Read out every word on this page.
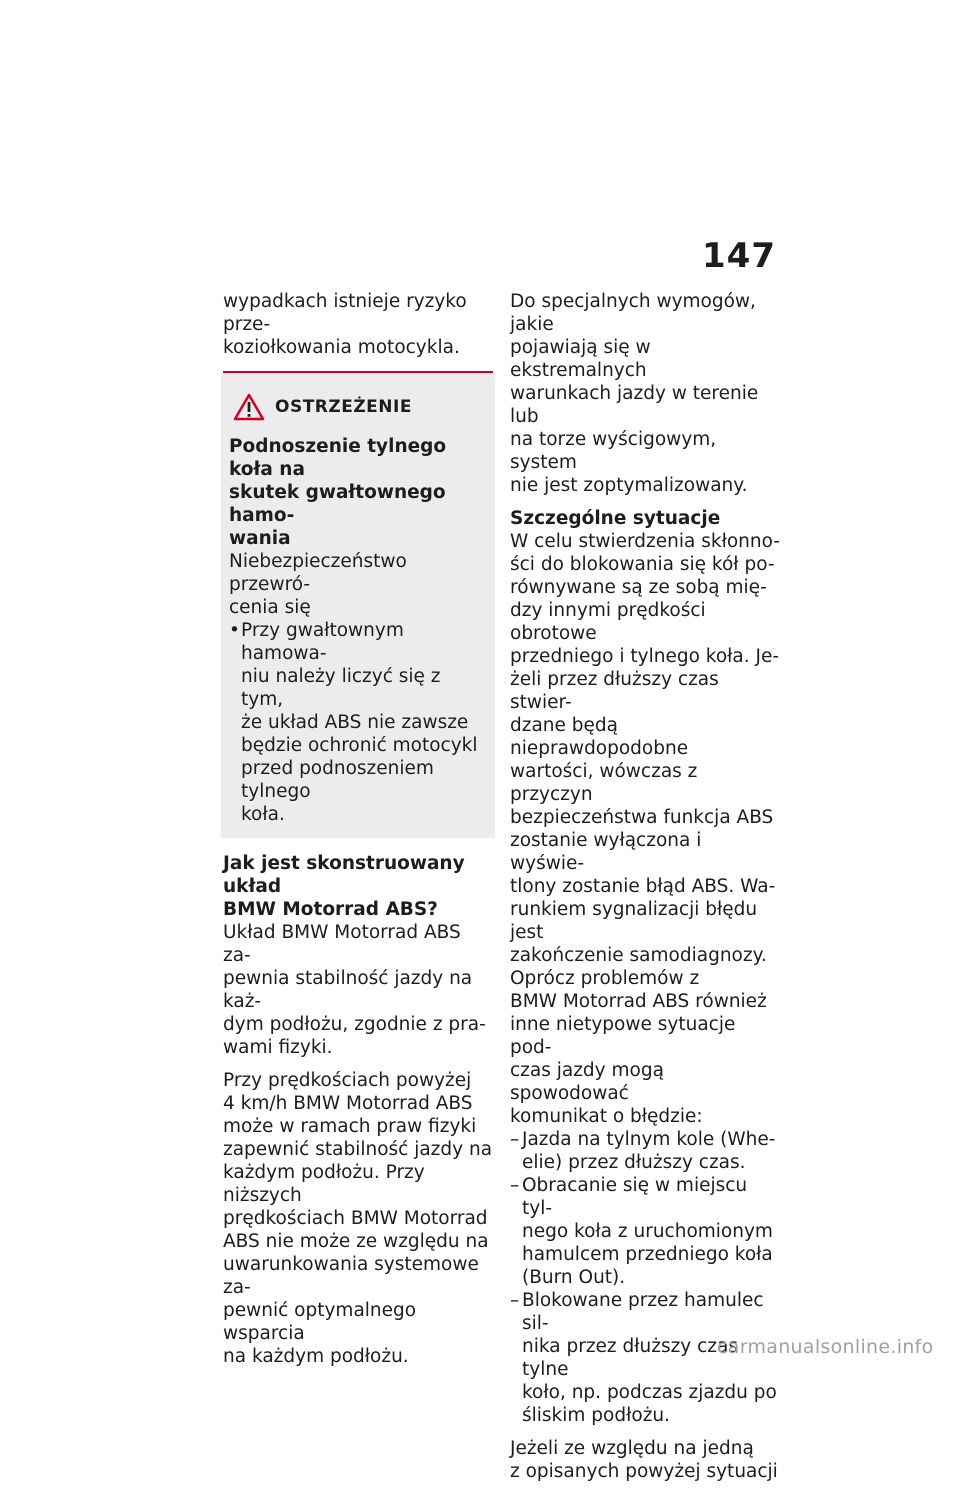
147
wypadkach istnieje ryzyko prze-
koziołkowania motocykla.
OSTRZEŻENIE
Podnoszenie tylnego koła na
skutek gwałtownego hamo-
wania
Niebezpieczeństwo przewró-
cenia się
• Przy gwałtownym hamowa-
niu należy liczyć się z tym,
że układ ABS nie zawsze
będzie ochronić motocykl
przed podnoszeniem tylnego
koła.
Jak jest skonstruowany układ
BMW Motorrad ABS?
Układ BMW Motorrad ABS za-
pewnia stabilność jazdy na każ-
dym podłożu, zgodnie z pra-
wami fizyki.
Przy prędkościach powyżej
4 km/h BMW Motorrad ABS
może w ramach praw fizyki
zapewnić stabilność jazdy na
każdym podłożu. Przy niższych
prędkościach BMW Motorrad
ABS nie może ze względu na
uwarunkowania systemowe za-
pewnić optymalnego wsparcia
na każdym podłożu.
Do specjalnych wymogów, jakie
pojawiają się w ekstremalnych
warunkach jazdy w terenie lub
na torze wyścigowym, system
nie jest zoptymalizowany.
Szczególne sytuacje
W celu stwierdzenia skłonno-
ści do blokowania się kół po-
równywane są ze sobą mię-
dzy innymi prędkości obrotowe
przedniego i tylnego koła. Je-
żeli przez dłuższy czas stwier-
dzane będą nieprawdopodobne
wartości, wówczas z przyczyn
bezpieczeństwa funkcja ABS
zostanie wyłączona i wyświe-
tlony zostanie błąd ABS. Wa-
runkiem sygnalizacji błędu jest
zakończenie samodiagnozy.
Oprócz problemów z
BMW Motorrad ABS również
inne nietypowe sytuacje pod-
czas jazdy mogą spowodować
komunikat o błędzie:
– Jazda na tylnym kole (Whe-
elie) przez dłuższy czas.
– Obracanie się w miejscu tyl-
nego koła z uruchomionym
hamulcem przedniego koła
(Burn Out).
– Blokowane przez hamulec sil-
nika przez dłuższy czas tylne
koło, np. podczas zjazdu po
śliskim podłożu.
Jeżeli ze względu na jedną
z opisanych powyżej sytuacji
carmanualsonline.info
